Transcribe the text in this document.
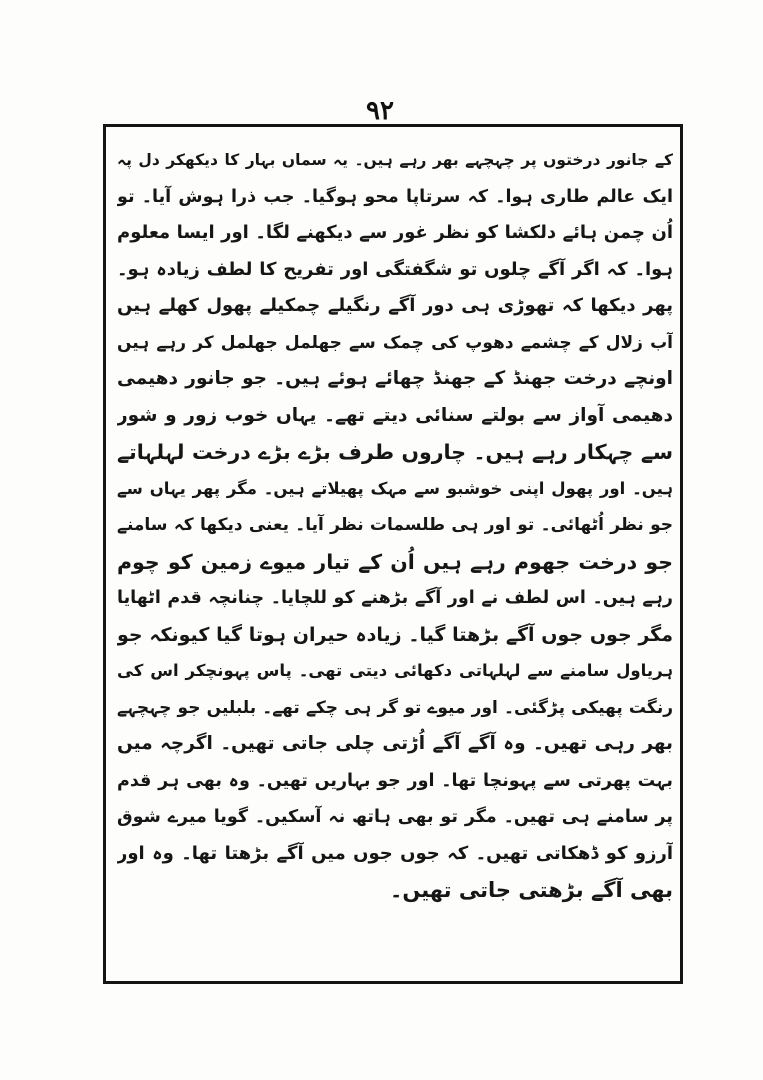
۹۲
کے جانور درختوں پر چہچہے بھر رہے ہیں۔ یہ سماں بہار کا دیکھکر دل پہ
ایک عالم طاری ہوا۔ کہ سرتاپا محو ہوگیا۔ جب ذرا ہوش آیا۔ تو
اُن چمن ہائے دلکشا کو نظر غور سے دیکھنے لگا۔ اور ایسا معلوم
ہوا۔ کہ اگر آگے چلوں تو شگفتگی اور تفریح کا لطف زیادہ ہو۔
پھر دیکھا کہ تھوڑی ہی دور آگے رنگیلے چمکیلے پھول کھلے ہیں
آب زلال کے چشمے دھوپ کی چمک سے جھلمل جھلمل کر رہے ہیں
اونچے درخت جھنڈ کے جھنڈ چھائے ہوئے ہیں۔ جو جانور دھیمی
دھیمی آواز سے بولتے سنائی دیتے تھے۔ یہاں خوب زور و شور
سے چہکار رہے ہیں۔ چاروں طرف بڑے بڑے درخت لہلہاتے
ہیں۔ اور پھول اپنی خوشبو سے مہک پھیلاتے ہیں۔ مگر پھر یہاں سے
جو نظر اُٹھائی۔ تو اور ہی طلسمات نظر آیا۔ یعنی دیکھا کہ سامنے
جو درخت جھوم رہے ہیں اُن کے تیار میوے زمین کو چوم
رہے ہیں۔ اس لطف نے اور آگے بڑھنے کو للچایا۔ چنانچہ قدم اٹھایا
مگر جوں جوں آگے بڑھتا گیا۔ زیادہ حیران ہوتا گیا کیونکہ جو
ہریاول سامنے سے لہلہاتی دکھائی دیتی تھی۔ پاس پہونچکر اس کی
رنگت پھیکی پڑگئی۔ اور میوے تو گر ہی چکے تھے۔ بلبلیں جو چہچہے
بھر رہی تھیں۔ وہ آگے آگے اُڑتی چلی جاتی تھیں۔ اگرچہ میں
بہت پھرتی سے پہونچا تھا۔ اور جو بہاریں تھیں۔ وہ بھی ہر قدم
پر سامنے ہی تھیں۔ مگر تو بھی ہاتھ نہ آسکیں۔ گویا میرے شوق
آرزو کو ڈھکاتی تھیں۔ کہ جوں جوں میں آگے بڑھتا تھا۔ وہ اور
بھی آگے بڑھتی جاتی تھیں۔
